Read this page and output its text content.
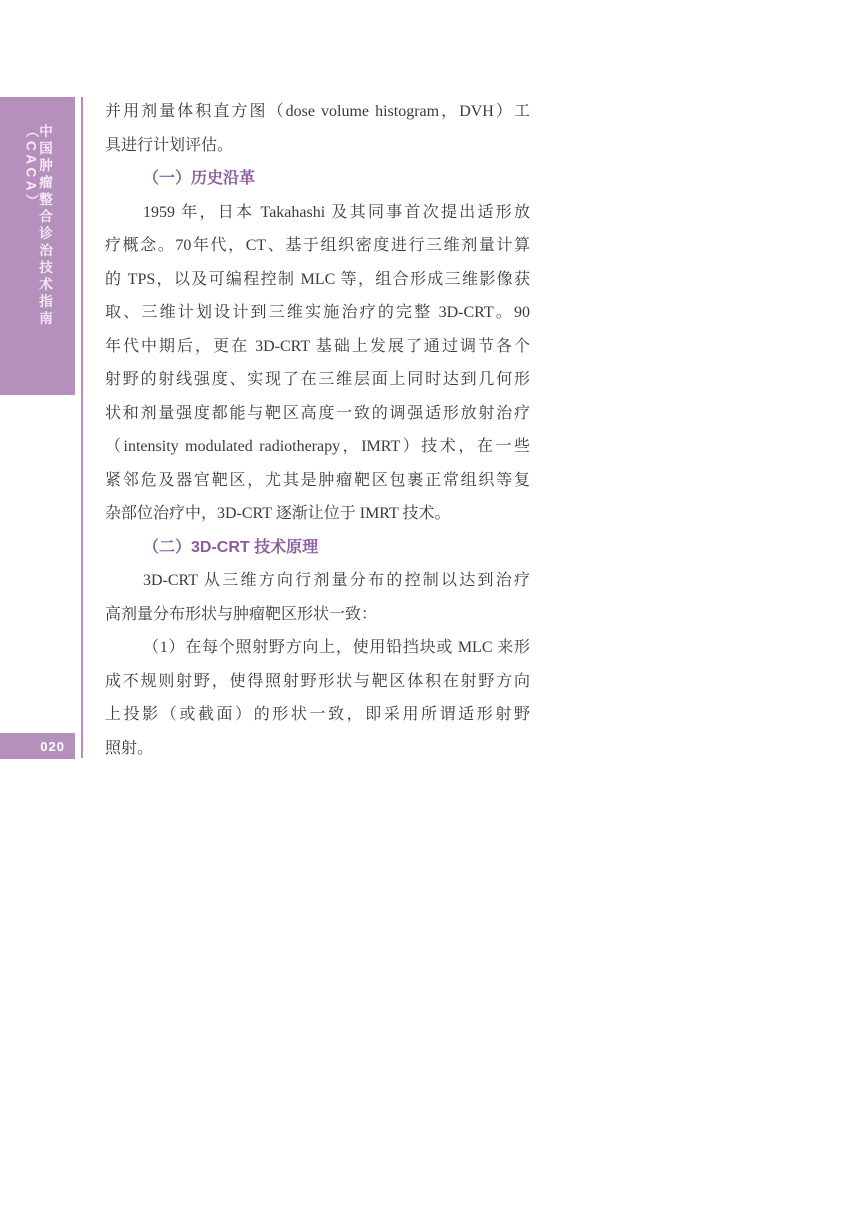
中国肿瘤整合诊治技术指南（CACA）
020
并用剂量体积直方图（dose volume histogram，DVH）工
具进行计划评估。
（一）历史沿革
1959 年，日本 Takahashi 及其同事首次提出适形放
疗概念。70年代，CT、基于组织密度进行三维剂量计算
的 TPS，以及可编程控制 MLC 等，组合形成三维影像获
取、三维计划设计到三维实施治疗的完整 3D-CRT。90
年代中期后，更在 3D-CRT 基础上发展了通过调节各个
射野的射线强度、实现了在三维层面上同时达到几何形
状和剂量强度都能与靶区高度一致的调强适形放射治疗
（intensity modulated radiotherapy，IMRT）技术，在一些
紧邻危及器官靶区，尤其是肿瘤靶区包裹正常组织等复
杂部位治疗中，3D-CRT 逐渐让位于 IMRT 技术。
（二）3D-CRT 技术原理
3D-CRT 从三维方向行剂量分布的控制以达到治疗
高剂量分布形状与肿瘤靶区形状一致：
（1）在每个照射野方向上，使用铅挡块或 MLC 来形
成不规则射野，使得照射野形状与靶区体积在射野方向
上投影（或截面）的形状一致，即采用所谓适形射野
照射。
